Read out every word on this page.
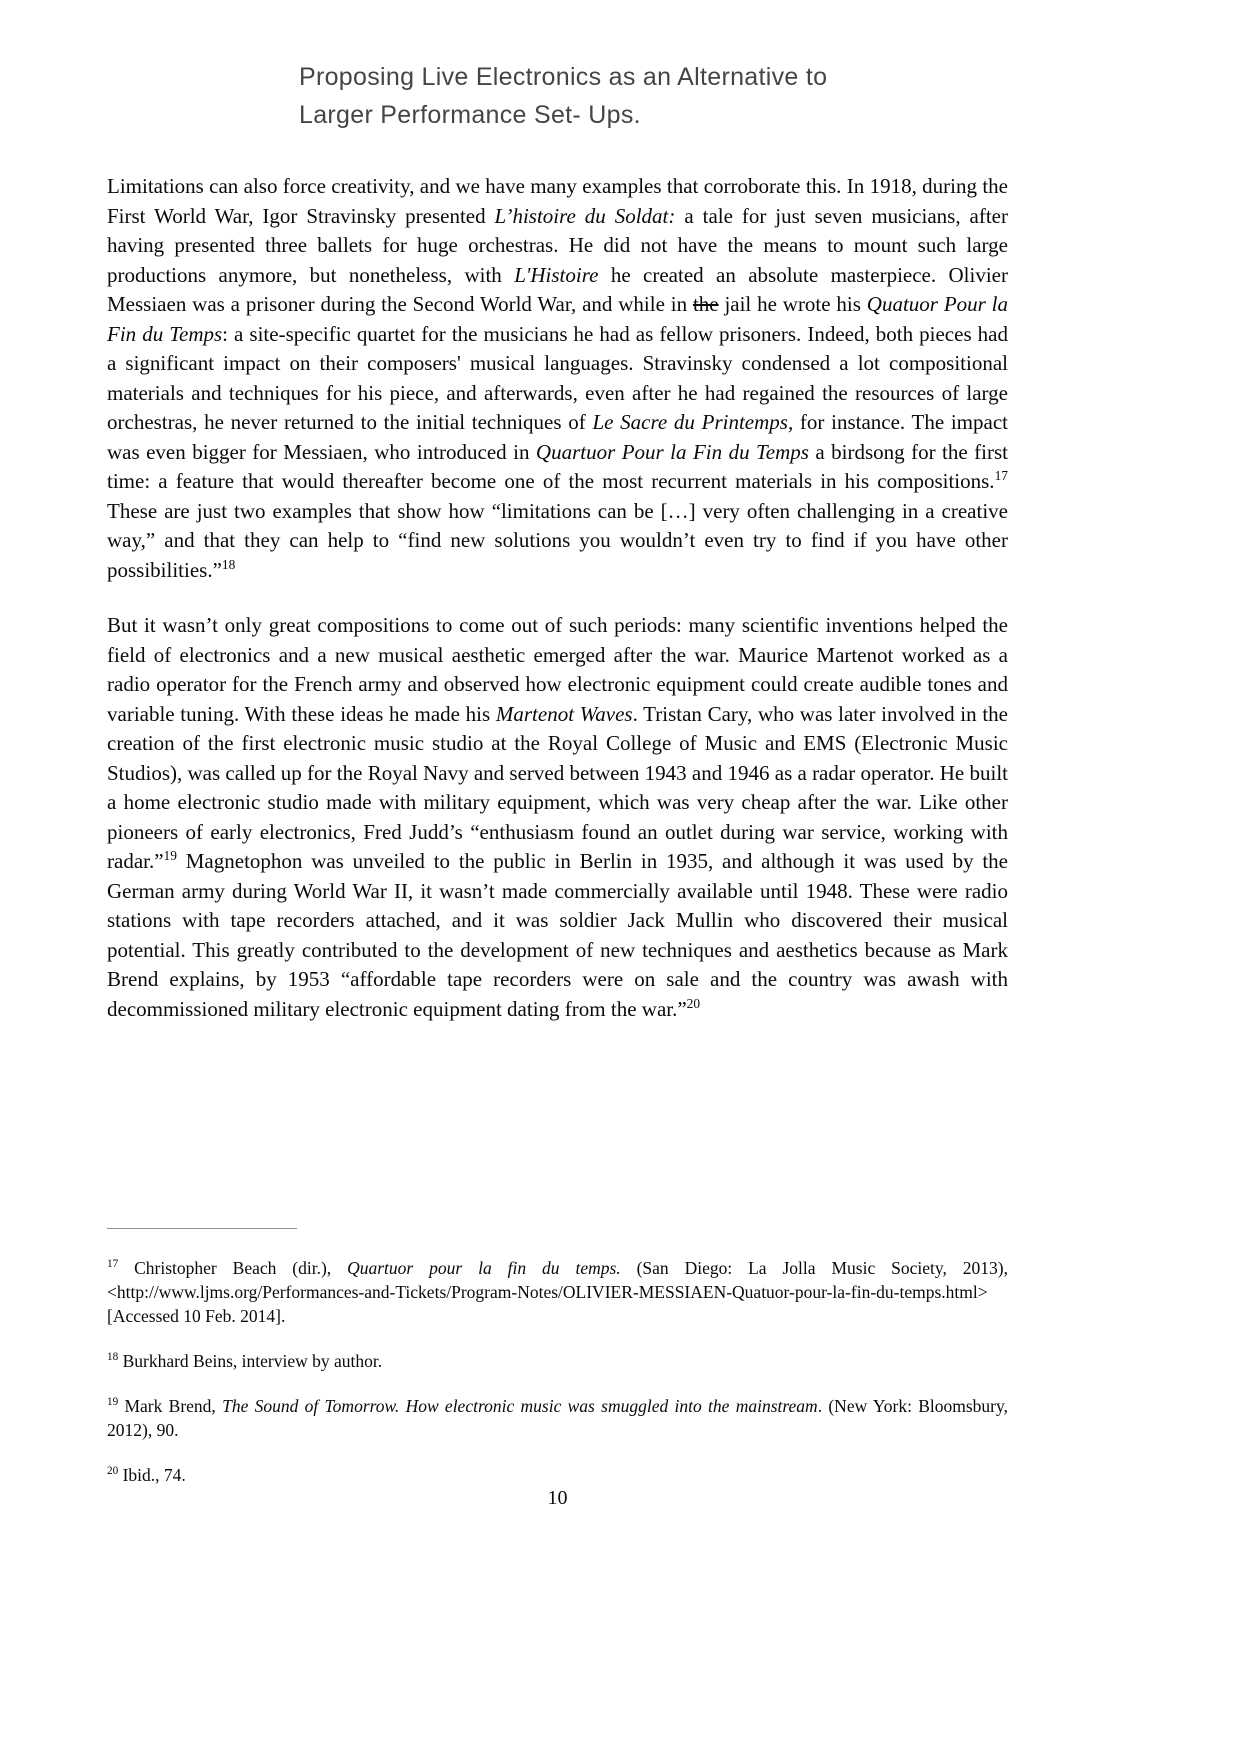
Proposing Live Electronics as an Alternative to
Larger Performance Set- Ups.

Limitations can also force creativity, and we have many examples that corroborate this. In 1918, during the First World War, Igor Stravinsky presented L’histoire du Soldat: a tale for just seven musicians, after having presented three ballets for huge orchestras. He did not have the means to mount such large productions anymore, but nonetheless, with L'Histoire he created an absolute masterpiece. Olivier Messiaen was a prisoner during the Second World War, and while in the jail he wrote his Quatuor Pour la Fin du Temps: a site-specific quartet for the musicians he had as fellow prisoners. Indeed, both pieces had a significant impact on their composers' musical languages. Stravinsky condensed a lot compositional materials and techniques for his piece, and afterwards, even after he had regained the resources of large orchestras, he never returned to the initial techniques of Le Sacre du Printemps, for instance. The impact was even bigger for Messiaen, who introduced in Quartuor Pour la Fin du Temps a birdsong for the first time: a feature that would thereafter become one of the most recurrent materials in his compositions.$^{17}$ These are just two examples that show how “limitations can be […] very often challenging in a creative way,” and that they can help to “find new solutions you wouldn’t even try to find if you have other possibilities.”$^{18}$

But it wasn’t only great compositions to come out of such periods: many scientific inventions helped the field of electronics and a new musical aesthetic emerged after the war. Maurice Martenot worked as a radio operator for the French army and observed how electronic equipment could create audible tones and variable tuning. With these ideas he made his Martenot Waves. Tristan Cary, who was later involved in the creation of the first electronic music studio at the Royal College of Music and EMS (Electronic Music Studios), was called up for the Royal Navy and served between 1943 and 1946 as a radar operator. He built a home electronic studio made with military equipment, which was very cheap after the war. Like other pioneers of early electronics, Fred Judd’s “enthusiasm found an outlet during war service, working with radar.”$^{19}$ Magnetophon was unveiled to the public in Berlin in 1935, and although it was used by the German army during World War II, it wasn’t made commercially available until 1948. These were radio stations with tape recorders attached, and it was soldier Jack Mullin who discovered their musical potential. This greatly contributed to the development of new techniques and aesthetics because as Mark Brend explains, by 1953 “affordable tape recorders were on sale and the country was awash with decommissioned military electronic equipment dating from the war.”$^{20}$

$^{17}$ Christopher Beach (dir.), Quartuor pour la fin du temps. (San Diego: La Jolla Music Society, 2013), <http://www.ljms.org/Performances-and-Tickets/Program-Notes/OLIVIER-MESSIAEN-Quatuor-pour-la-fin-du-temps.html> [Accessed 10 Feb. 2014].

$^{18}$ Burkhard Beins, interview by author.

$^{19}$ Mark Brend, The Sound of Tomorrow. How electronic music was smuggled into the mainstream. (New York: Bloomsbury, 2012), 90.

$^{20}$ Ibid., 74.

10
